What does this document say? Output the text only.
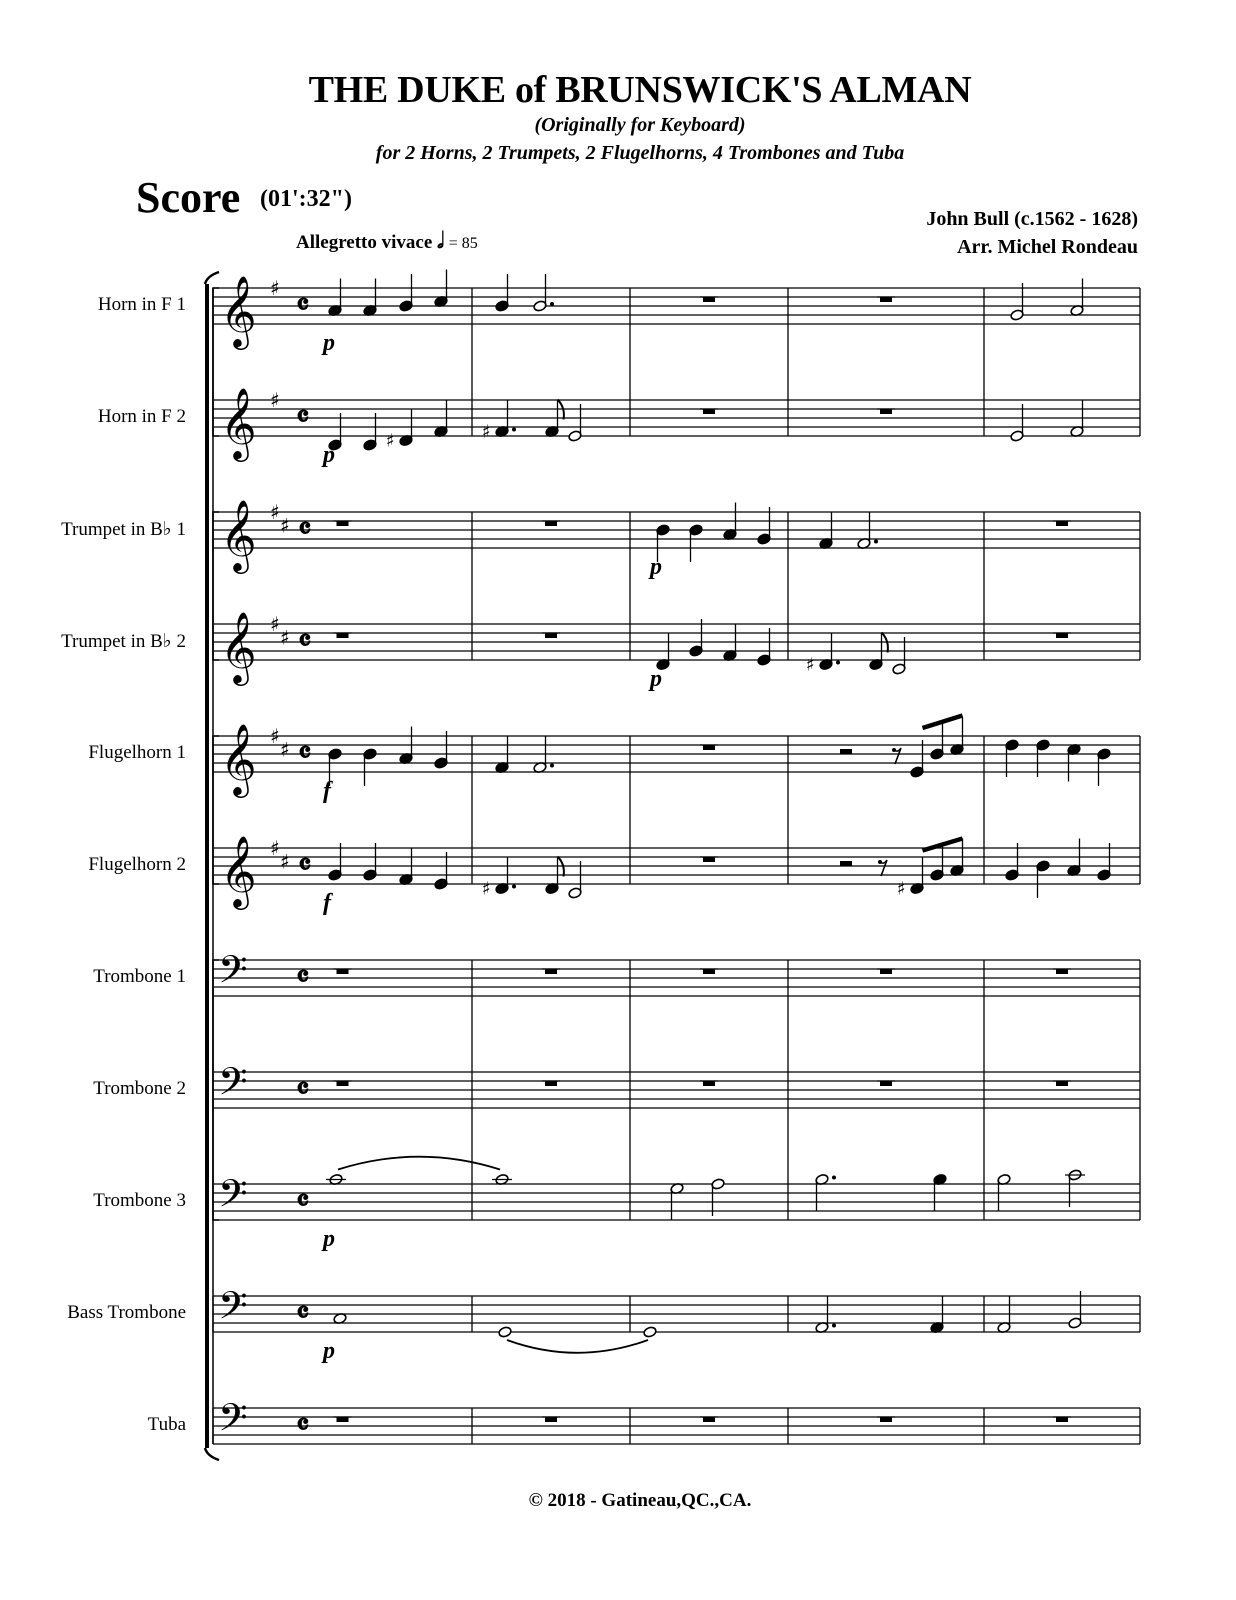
THE DUKE of BRUNSWICK'S ALMAN
(Originally for Keyboard)
for 2 Horns, 2 Trumpets, 2 Flugelhorns, 4 Trombones and Tuba
Score (01':32")
John Bull (c.1562 - 1628)
Arr. Michel Rondeau
Allegretto vivace 𝅗𝅥 = 85
Horn in F 1
Horn in F 2
Trumpet in B♭ 1
Trumpet in B♭ 2
Flugelhorn 1
Flugelhorn 2
Trombone 1
Trombone 2
Trombone 3
Bass Trombone
Tuba
© 2018 - Gatineau,QC.,CA.
𝄞 ♯ 𝄴
𝄞 ♯ 𝄴
𝄞 ♯
♯ 𝄴
𝄞 ♯
♯ 𝄴
𝄞 ♯
♯ 𝄴
𝄞 ♯
♯ 𝄴
𝄢 𝄴
𝄢 𝄴
𝄢 𝄴
𝄢 𝄴
𝄢 𝄴
p
♯	♯
p
p
♯
p
f
♯	♯
f
p
p
